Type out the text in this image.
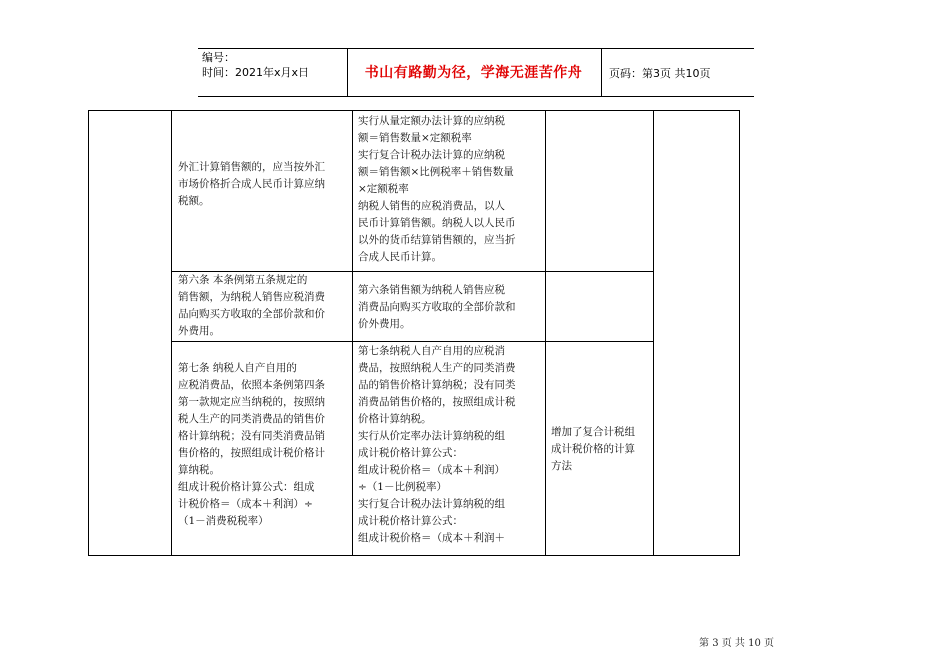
编号：
时间：2021年x月x日	书山有路勤为径，学海无涯苦作舟	页码：第3页 共10页

外汇计算销售额的，应当按外汇

市场价格折合成人民币计算应纳

税额。

实行从量定额办法计算的应纳税

额＝销售数量×定额税率

实行复合计税办法计算的应纳税

额＝销售额×比例税率＋销售数量

×定额税率

纳税人销售的应税消费品，以人

民币计算销售额。纳税人以人民币

以外的货币结算销售额的，应当折

合成人民币计算。

第六条 本条例第五条规定的

销售额，为纳税人销售应税消费

品向购买方收取的全部价款和价

外费用。

第六条销售额为纳税人销售应税

消费品向购买方收取的全部价款和

价外费用。

第七条 纳税人自产自用的

应税消费品，依照本条例第四条

第一款规定应当纳税的，按照纳

税人生产的同类消费品的销售价

格计算纳税；没有同类消费品销

售价格的，按照组成计税价格计

算纳税。

组成计税价格计算公式：组成

计税价格＝（成本＋利润）÷

（1－消费税税率）

第七条纳税人自产自用的应税消

费品，按照纳税人生产的同类消费

品的销售价格计算纳税；没有同类

消费品销售价格的，按照组成计税

价格计算纳税。

实行从价定率办法计算纳税的组

成计税价格计算公式：

组成计税价格＝（成本＋利润）

÷（1－比例税率）

实行复合计税办法计算纳税的组

成计税价格计算公式：

组成计税价格＝（成本＋利润＋

增加了复合计税组

成计税价格的计算

方法

第 3 页 共 10 页
